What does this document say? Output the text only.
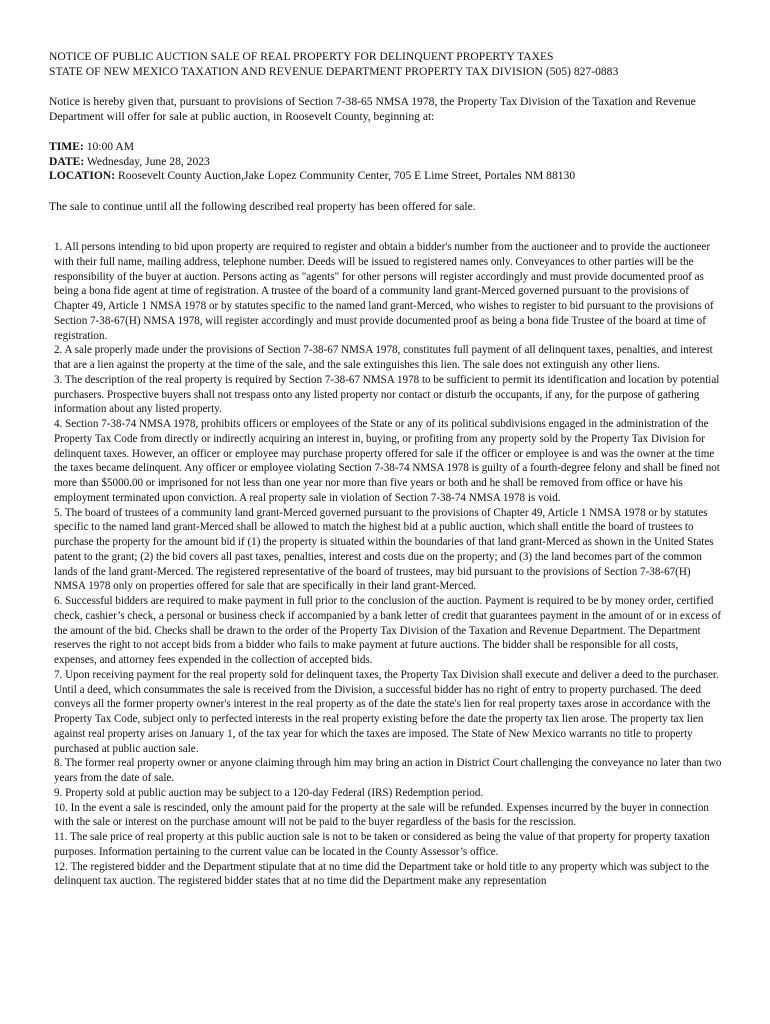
NOTICE OF PUBLIC AUCTION SALE OF REAL PROPERTY FOR DELINQUENT PROPERTY TAXES
STATE OF NEW MEXICO TAXATION AND REVENUE DEPARTMENT PROPERTY TAX DIVISION (505) 827-0883
Notice is hereby given that, pursuant to provisions of Section 7-38-65 NMSA 1978, the Property Tax Division of the Taxation and Revenue Department will offer for sale at public auction, in Roosevelt County, beginning at:
TIME: 10:00 AM
DATE: Wednesday, June 28, 2023
LOCATION: Roosevelt County Auction,Jake Lopez Community Center, 705 E Lime Street, Portales NM 88130
The sale to continue until all the following described real property has been offered for sale.

1. All persons intending to bid upon property are required to register and obtain a bidder's number from the auctioneer and to provide the auctioneer with their full name, mailing address, telephone number. Deeds will be issued to registered names only. Conveyances to other parties will be the responsibility of the buyer at auction. Persons acting as "agents" for other persons will register accordingly and must provide documented proof as being a bona fide agent at time of registration. A trustee of the board of a community land grant-Merced governed pursuant to the provisions of Chapter 49, Article 1 NMSA 1978 or by statutes specific to the named land grant-Merced, who wishes to register to bid pursuant to the provisions of Section 7-38-67(H) NMSA 1978, will register accordingly and must provide documented proof as being a bona fide Trustee of the board at time of registration.

2. A sale properly made under the provisions of Section 7-38-67 NMSA 1978, constitutes full payment of all delinquent taxes, penalties, and interest that are a lien against the property at the time of the sale, and the sale extinguishes this lien. The sale does not extinguish any other liens.

3. The description of the real property is required by Section 7-38-67 NMSA 1978 to be sufficient to permit its identification and location by potential purchasers. Prospective buyers shall not trespass onto any listed property nor contact or disturb the occupants, if any, for the purpose of gathering information about any listed property.

4. Section 7-38-74 NMSA 1978, prohibits officers or employees of the State or any of its political subdivisions engaged in the administration of the Property Tax Code from directly or indirectly acquiring an interest in, buying, or profiting from any property sold by the Property Tax Division for delinquent taxes. However, an officer or employee may purchase property offered for sale if the officer or employee is and was the owner at the time the taxes became delinquent. Any officer or employee violating Section 7-38-74 NMSA 1978 is guilty of a fourth-degree felony and shall be fined not more than $5000.00 or imprisoned for not less than one year nor more than five years or both and he shall be removed from office or have his employment terminated upon conviction. A real property sale in violation of Section 7-38-74 NMSA 1978 is void.

5. The board of trustees of a community land grant-Merced governed pursuant to the provisions of Chapter 49, Article 1 NMSA 1978 or by statutes specific to the named land grant-Merced shall be allowed to match the highest bid at a public auction, which shall entitle the board of trustees to purchase the property for the amount bid if (1) the property is situated within the boundaries of that land grant-Merced as shown in the United States patent to the grant; (2) the bid covers all past taxes, penalties, interest and costs due on the property; and (3) the land becomes part of the common lands of the land grant-Merced. The registered representative of the board of trustees, may bid pursuant to the provisions of Section 7-38-67(H) NMSA 1978 only on properties offered for sale that are specifically in their land grant-Merced.

6. Successful bidders are required to make payment in full prior to the conclusion of the auction. Payment is required to be by money order, certified check, cashier’s check, a personal or business check if accompanied by a bank letter of credit that guarantees payment in the amount of or in excess of the amount of the bid. Checks shall be drawn to the order of the Property Tax Division of the Taxation and Revenue Department. The Department reserves the right to not accept bids from a bidder who fails to make payment at future auctions. The bidder shall be responsible for all costs, expenses, and attorney fees expended in the collection of accepted bids.

7. Upon receiving payment for the real property sold for delinquent taxes, the Property Tax Division shall execute and deliver a deed to the purchaser. Until a deed, which consummates the sale is received from the Division, a successful bidder has no right of entry to property purchased. The deed conveys all the former property owner's interest in the real property as of the date the state's lien for real property taxes arose in accordance with the Property Tax Code, subject only to perfected interests in the real property existing before the date the property tax lien arose. The property tax lien against real property arises on January 1, of the tax year for which the taxes are imposed. The State of New Mexico warrants no title to property purchased at public auction sale.

8. The former real property owner or anyone claiming through him may bring an action in District Court challenging the conveyance no later than two years from the date of sale.

9. Property sold at public auction may be subject to a 120-day Federal (IRS) Redemption period.

10. In the event a sale is rescinded, only the amount paid for the property at the sale will be refunded. Expenses incurred by the buyer in connection with the sale or interest on the purchase amount will not be paid to the buyer regardless of the basis for the rescission.

11. The sale price of real property at this public auction sale is not to be taken or considered as being the value of that property for property taxation purposes. Information pertaining to the current value can be located in the County Assessor’s office.

12. The registered bidder and the Department stipulate that at no time did the Department take or hold title to any property which was subject to the delinquent tax auction. The registered bidder states that at no time did the Department make any representation
